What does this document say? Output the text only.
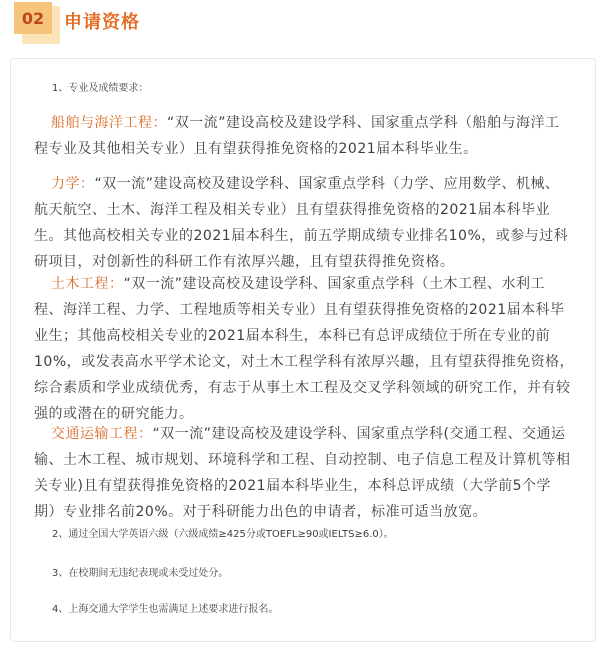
02	申请资格

1、专业及成绩要求：

船舶与海洋工程：“双一流”建设高校及建设学科、国家重点学科（船舶与海洋工
程专业及其他相关专业）且有望获得推免资格的2021届本科毕业生。

力学：“双一流”建设高校及建设学科、国家重点学科（力学、应用数学、机械、
航天航空、土木、海洋工程及相关专业）且有望获得推免资格的2021届本科毕业
生。其他高校相关专业的2021届本科生，前五学期成绩专业排名10%，或参与过科
研项目，对创新性的科研工作有浓厚兴趣，且有望获得推免资格。

土木工程：“双一流”建设高校及建设学科、国家重点学科（土木工程、水利工
程、海洋工程、力学、工程地质等相关专业）且有望获得推免资格的2021届本科毕
业生；其他高校相关专业的2021届本科生，本科已有总评成绩位于所在专业的前
10%，或发表高水平学术论文，对土木工程学科有浓厚兴趣，且有望获得推免资格，
综合素质和学业成绩优秀，有志于从事土木工程及交叉学科领域的研究工作，并有较
强的或潜在的研究能力。

交通运输工程：“双一流”建设高校及建设学科、国家重点学科(交通工程、交通运
输、土木工程、城市规划、环境科学和工程、自动控制、电子信息工程及计算机等相
关专业)且有望获得推免资格的2021届本科毕业生，本科总评成绩（大学前5个学
期）专业排名前20%。对于科研能力出色的申请者，标准可适当放宽。

2、通过全国大学英语六级（六级成绩≥425分或TOEFL≥90或IELTS≥6.0）。

3、在校期间无违纪表现或未受过处分。

4、上海交通大学学生也需满足上述要求进行报名。
